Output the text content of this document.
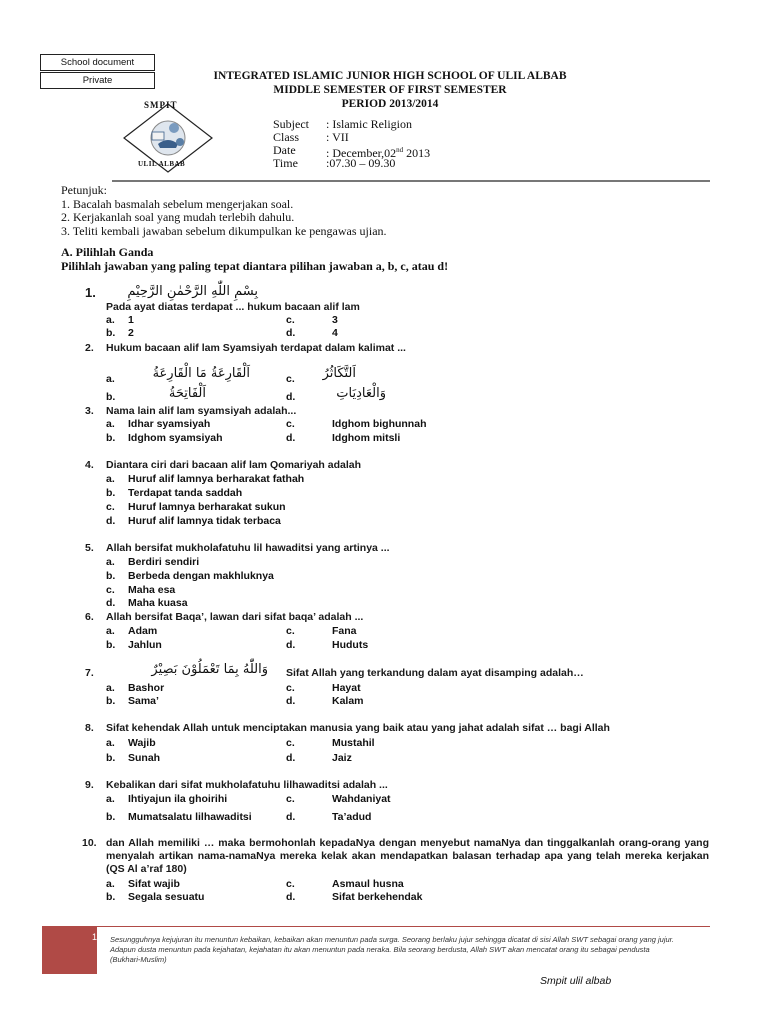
School document
Private	INTEGRATED ISLAMIC JUNIOR HIGH SCHOOL OF ULIL ALBAB
MIDDLE SEMESTER OF FIRST SEMESTER
PERIOD 2013/2014
SMPIT
ULIL ALBAB
Subject : Islamic Religion
Class : VII
Date	: December,02nd 2013
Time :07.30 – 09.30
Petunjuk:
1. Bacalah basmalah sebelum mengerjakan soal.
2. Kerjakanlah soal yang mudah terlebih dahulu.
3. Teliti kembali jawaban sebelum dikumpulkan ke pengawas ujian.
A. Pilihlah Ganda
Pilihlah jawaban yang paling tepat diantara pilihan jawaban a, b, c, atau d!
1.	بِسْمِ اللّٰهِ الرَّحْمٰنِ الرَّحِيْمِ
Pada ayat diatas terdapat ... hukum bacaan alif lam
a. 1
b. 2
c.	3
d.	4
2. Hukum bacaan alif lam Syamsiyah terdapat dalam kalimat ...
a.	اَلْقَارِعَةُ مَا الْقَارِعَةُ
b.	اَلْفَاتِحَةُ
c.	اَلتَّكَاثُرُ
d.	وَالْعَادِيَاتِ
3. Nama lain alif lam syamsiyah adalah...
a. Idhar syamsiyah
b. Idghom syamsiyah
c.	Idghom bighunnah
d.	Idghom mitsli
4. Diantara ciri dari bacaan alif lam Qomariyah adalah
a. Huruf alif lamnya berharakat fathah
b. Terdapat tanda saddah
c. Huruf lamnya berharakat sukun
d. Huruf alif lamnya tidak terbaca
5. Allah bersifat mukholafatuhu lil hawaditsi yang artinya ...
a. Berdiri sendiri
b. Berbeda dengan makhluknya
c. Maha esa
d. Maha kuasa
6. Allah bersifat Baqa’, lawan dari sifat baqa’ adalah ...
a. Adam
b. Jahlun
c.	Fana
d.	Huduts
7.	وَاللّٰهُ بِمَا تَعْمَلُوْنَ بَصِيْرٌ Sifat Allah yang terkandung dalam ayat disamping adalah…
a. Bashor
b. Sama’
c.	Hayat
d.	Kalam
8. Sifat kehendak Allah untuk menciptakan manusia yang baik atau yang jahat adalah sifat … bagi Allah
a. Wajib
b. Sunah
c.	Mustahil
d.	Jaiz
9. Kebalikan dari sifat mukholafatuhu lilhawaditsi adalah ...
a. Ihtiyajun ila ghoirihi
b. Mumatsalatu lilhawaditsi
c.	Wahdaniyat
d.	Ta’adud
10. dan Allah memiliki … maka bermohonlah kepadaNya dengan menyebut namaNya dan tinggalkanlah orang-orang yang menyalah artikan nama-namaNya mereka kelak akan mendapatkan balasan terhadap apa yang telah mereka kerjakan (QS Al a’raf 180)
a. Sifat wajib
b. Segala sesuatu
c.	Asmaul husna
d.	Sifat berkehendak
1 Sesungguhnya kejujuran itu menuntun kebaikan, kebaikan akan menuntun pada surga. Seorang berlaku jujur sehingga dicatat di sisi Allah SWT sebagai orang yang jujur. Adapun dusta menuntun pada kejahatan, kejahatan itu akan menuntun pada neraka. Bila seorang berdusta, Allah SWT akan mencatat orang itu sebagai pendusta (Bukhari-Muslim)
Smpit ulil albab
